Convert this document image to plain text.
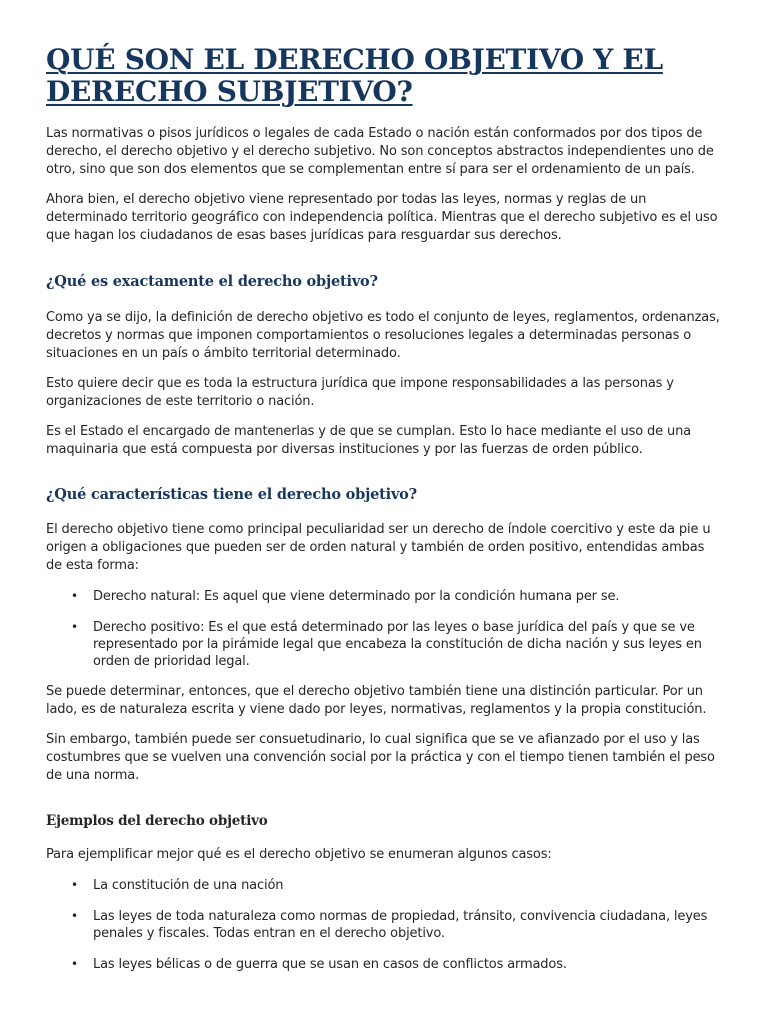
QUÉ SON EL DERECHO OBJETIVO Y EL
DERECHO SUBJETIVO?

Las normativas o pisos jurídicos o legales de cada Estado o nación están conformados por dos tipos de derecho, el derecho objetivo y el derecho subjetivo. No son conceptos abstractos independientes uno de otro, sino que son dos elementos que se complementan entre sí para ser el ordenamiento de un país.

Ahora bien, el derecho objetivo viene representado por todas las leyes, normas y reglas de un determinado territorio geográfico con independencia política. Mientras que el derecho subjetivo es el uso que hagan los ciudadanos de esas bases jurídicas para resguardar sus derechos.

¿Qué es exactamente el derecho objetivo?

Como ya se dijo, la definición de derecho objetivo es todo el conjunto de leyes, reglamentos, ordenanzas, decretos y normas que imponen comportamientos o resoluciones legales a determinadas personas o situaciones en un país o ámbito territorial determinado.

Esto quiere decir que es toda la estructura jurídica que impone responsabilidades a las personas y organizaciones de este territorio o nación.

Es el Estado el encargado de mantenerlas y de que se cumplan. Esto lo hace mediante el uso de una maquinaria que está compuesta por diversas instituciones y por las fuerzas de orden público.

¿Qué características tiene el derecho objetivo?

El derecho objetivo tiene como principal peculiaridad ser un derecho de índole coercitivo y este da pie u origen a obligaciones que pueden ser de orden natural y también de orden positivo, entendidas ambas de esta forma:

• Derecho natural: Es aquel que viene determinado por la condición humana per se.
• Derecho positivo: Es el que está determinado por las leyes o base jurídica del país y que se ve representado por la pirámide legal que encabeza la constitución de dicha nación y sus leyes en orden de prioridad legal.

Se puede determinar, entonces, que el derecho objetivo también tiene una distinción particular. Por un lado, es de naturaleza escrita y viene dado por leyes, normativas, reglamentos y la propia constitución.

Sin embargo, también puede ser consuetudinario, lo cual significa que se ve afianzado por el uso y las costumbres que se vuelven una convención social por la práctica y con el tiempo tienen también el peso de una norma.

Ejemplos del derecho objetivo

Para ejemplificar mejor qué es el derecho objetivo se enumeran algunos casos:

• La constitución de una nación
• Las leyes de toda naturaleza como normas de propiedad, tránsito, convivencia ciudadana, leyes penales y fiscales. Todas entran en el derecho objetivo.
• Las leyes bélicas o de guerra que se usan en casos de conflictos armados.
